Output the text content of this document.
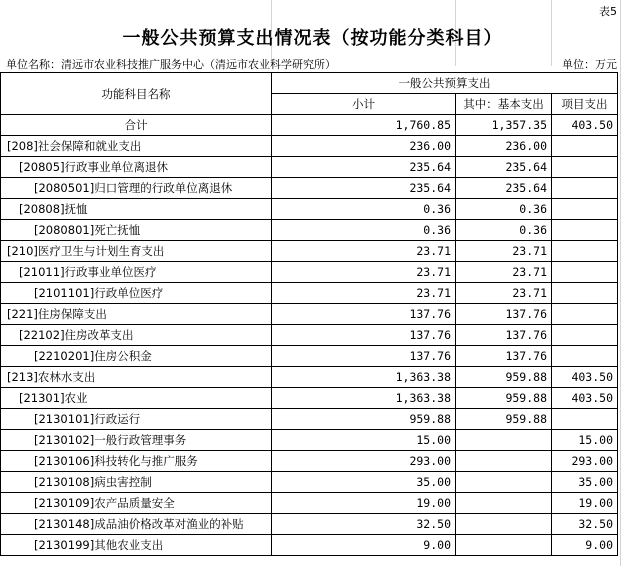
表5
一般公共预算支出情况表（按功能分类科目）
单位名称：清远市农业科技推广服务中心（清远市农业科学研究所）	单位：万元
功能科目名称	一般公共预算支出		
	小计	其中：基本支出	项目支出
合计	1,760.85	1,357.35	403.50
[208]社会保障和就业支出	236.00	236.00	
[20805]行政事业单位离退休	235.64	235.64	
[2080501]归口管理的行政单位离退休	235.64	235.64	
[20808]抚恤	0.36	0.36	
[2080801]死亡抚恤	0.36	0.36	
[210]医疗卫生与计划生育支出	23.71	23.71	
[21011]行政事业单位医疗	23.71	23.71	
[2101101]行政单位医疗	23.71	23.71	
[221]住房保障支出	137.76	137.76	
[22102]住房改革支出	137.76	137.76	
[2210201]住房公积金	137.76	137.76	
[213]农林水支出	1,363.38	959.88	403.50
[21301]农业	1,363.38	959.88	403.50
[2130101]行政运行	959.88	959.88	
[2130102]一般行政管理事务	15.00		15.00
[2130106]科技转化与推广服务	293.00		293.00
[2130108]病虫害控制	35.00		35.00
[2130109]农产品质量安全	19.00		19.00
[2130148]成品油价格改革对渔业的补贴	32.50		32.50
[2130199]其他农业支出	9.00		9.00
